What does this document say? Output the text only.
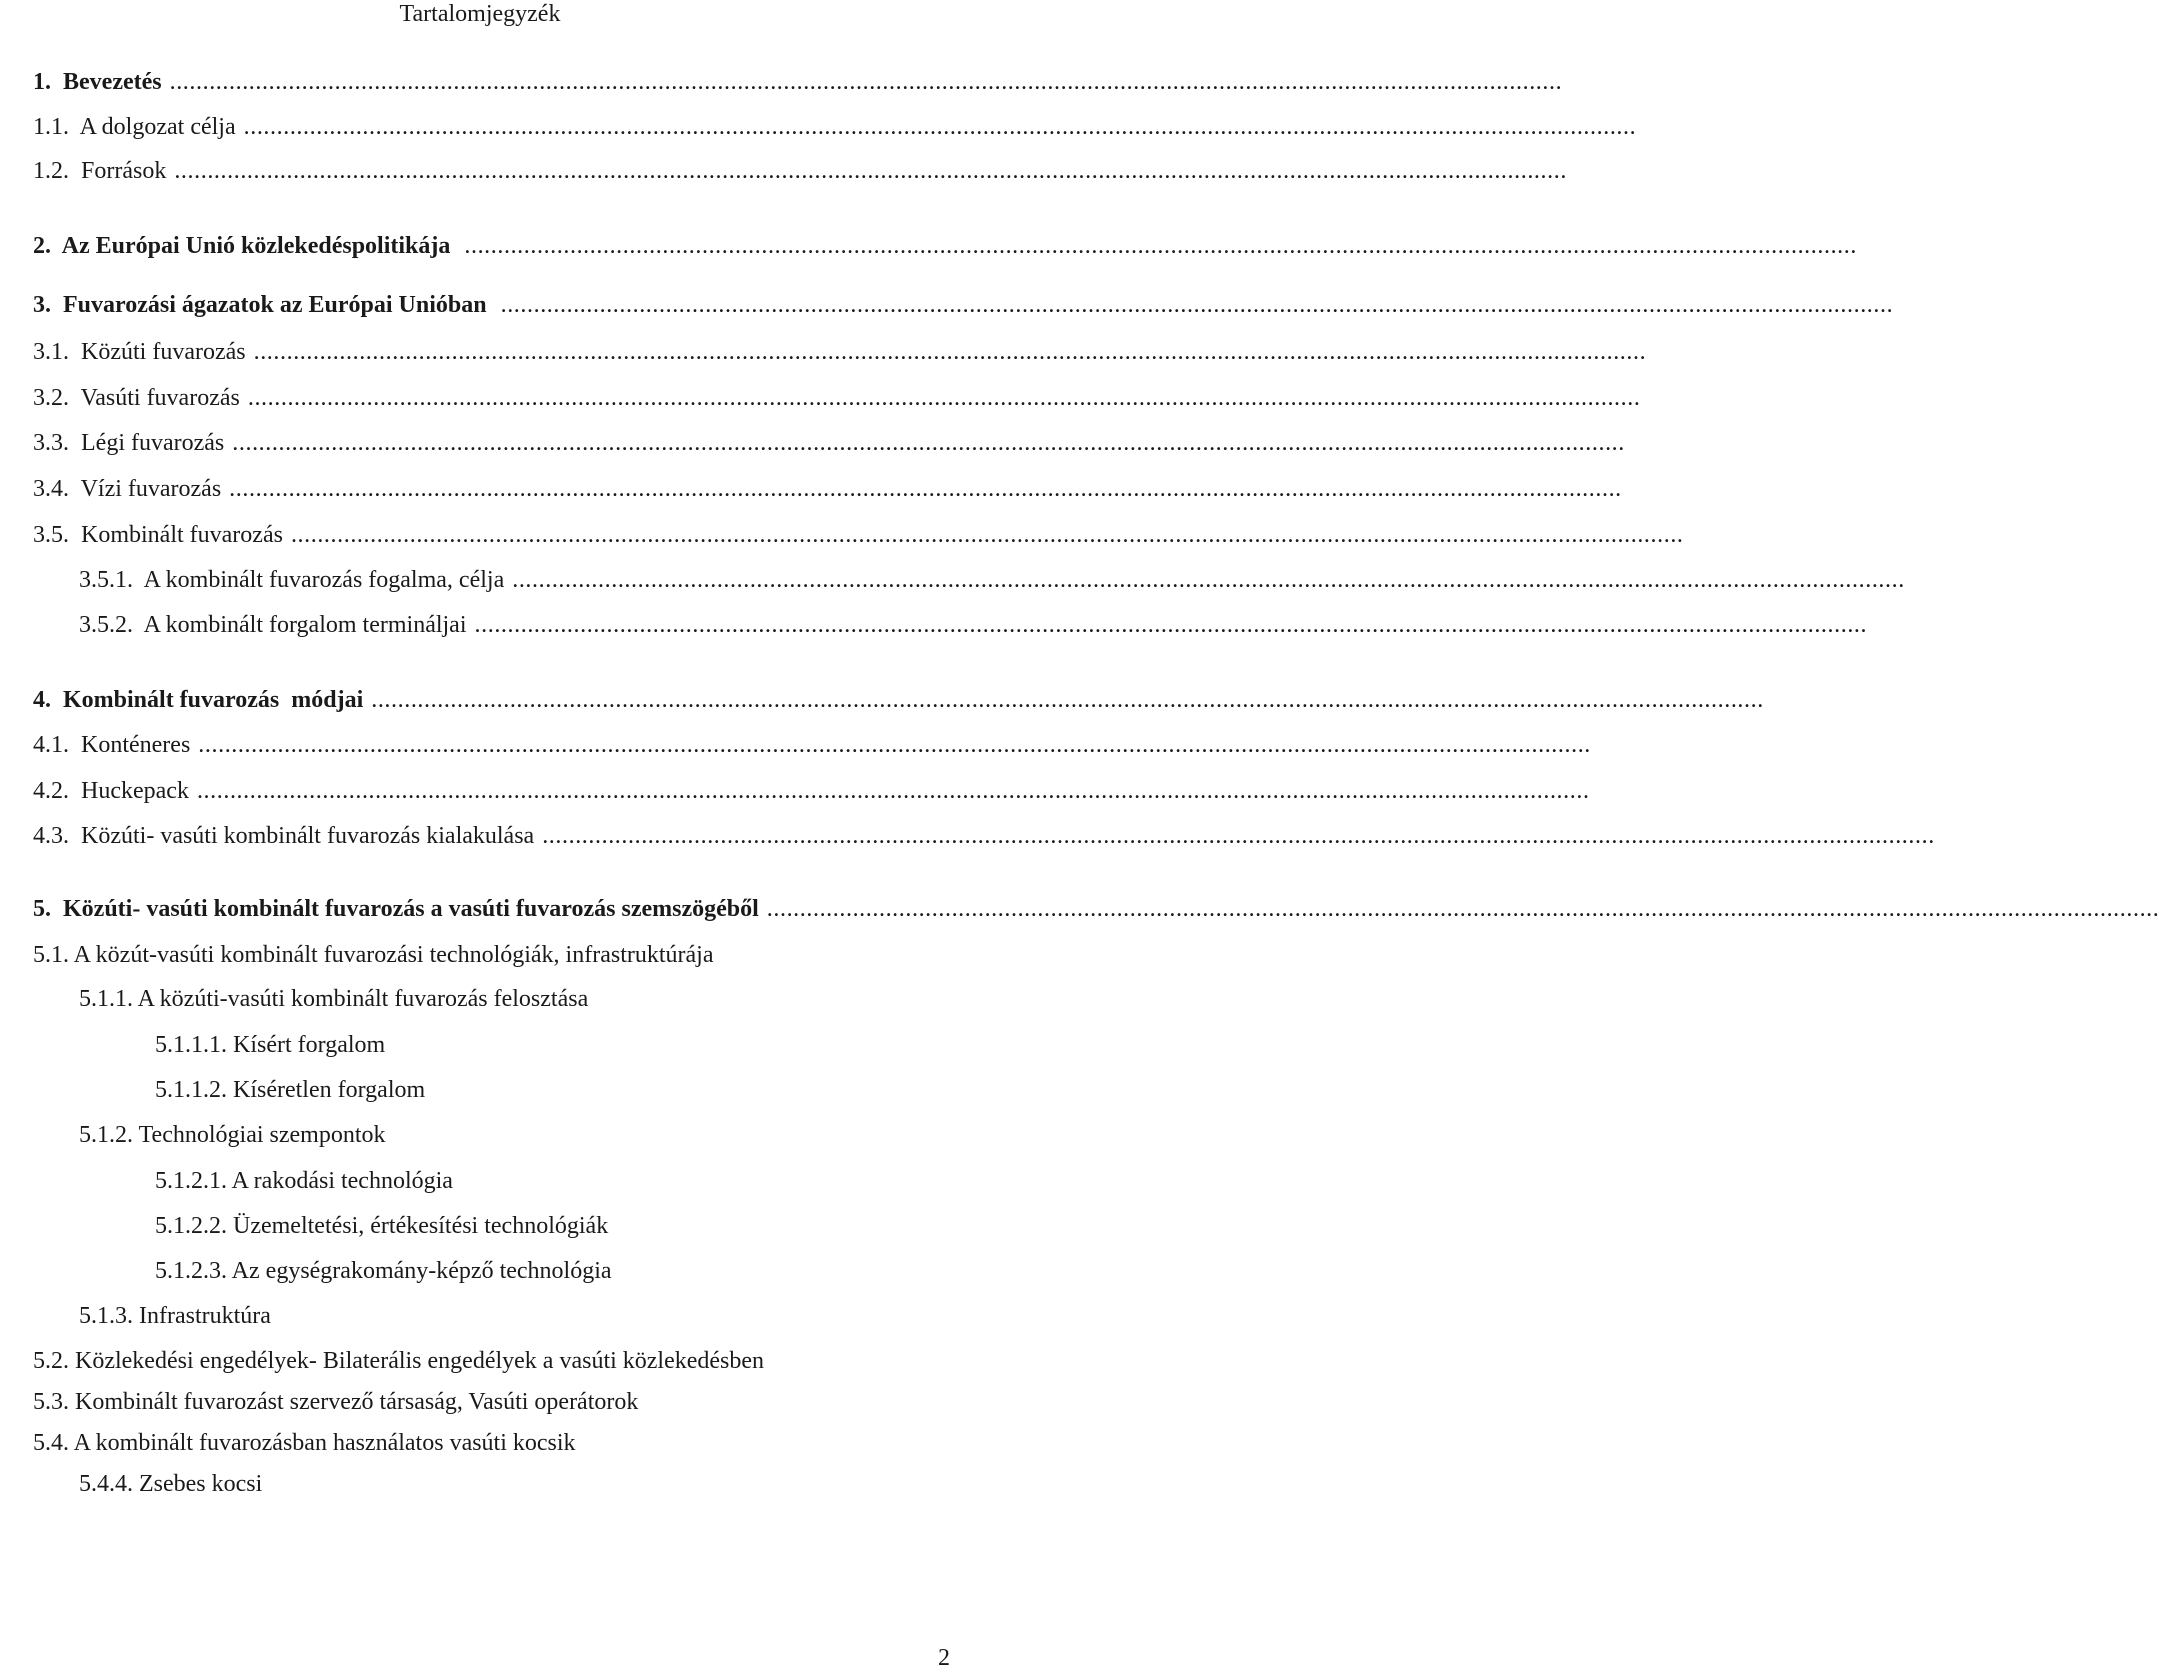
Tartalomjegyzék
1.  Bevezetés ...................................................................................................................................................................................................................
1.1.  A dolgozat célja ...................................................................................................................................................................................................................
1.2.  Források ...................................................................................................................................................................................................................
2.  Az Európai Unió közlekedéspolitikája ...................................................................................................................................................................................................................
3.  Fuvarozási ágazatok az Európai Unióban ...................................................................................................................................................................................................................
3.1.  Közúti fuvarozás ...................................................................................................................................................................................................................
3.2.  Vasúti fuvarozás ...................................................................................................................................................................................................................
3.3.  Légi fuvarozás ...................................................................................................................................................................................................................
3.4.  Vízi fuvarozás ...................................................................................................................................................................................................................
3.5.  Kombinált fuvarozás ...................................................................................................................................................................................................................
3.5.1.  A kombinált fuvarozás fogalma, célja ...................................................................................................................................................................................................................
3.5.2.  A kombinált forgalom termináljai ...................................................................................................................................................................................................................
4.  Kombinált fuvarozás  módjai ...................................................................................................................................................................................................................
4.1.  Konténeres ...................................................................................................................................................................................................................
4.2.  Huckepack ...................................................................................................................................................................................................................
4.3.  Közúti- vasúti kombinált fuvarozás kialakulása ...................................................................................................................................................................................................................
5.  Közúti- vasúti kombinált fuvarozás a vasúti fuvarozás szemszögéből ...................................................................................................................................................................................................................
5.1. A közút-vasúti kombinált fuvarozási technológiák, infrastruktúrája
5.1.1. A közúti-vasúti kombinált fuvarozás felosztása
5.1.1.1. Kísért forgalom
5.1.1.2. Kíséretlen forgalom
5.1.2. Technológiai szempontok
5.1.2.1. A rakodási technológia
5.1.2.2. Üzemeltetési, értékesítési technológiák
5.1.2.3. Az egységrakomány-képző technológia
5.1.3. Infrastruktúra
5.2. Közlekedési engedélyek- Bilaterális engedélyek a vasúti közlekedésben
5.3. Kombinált fuvarozást szervező társaság, Vasúti operátorok
5.4. A kombinált fuvarozásban használatos vasúti kocsik
5.4.4. Zsebes kocsi
2
